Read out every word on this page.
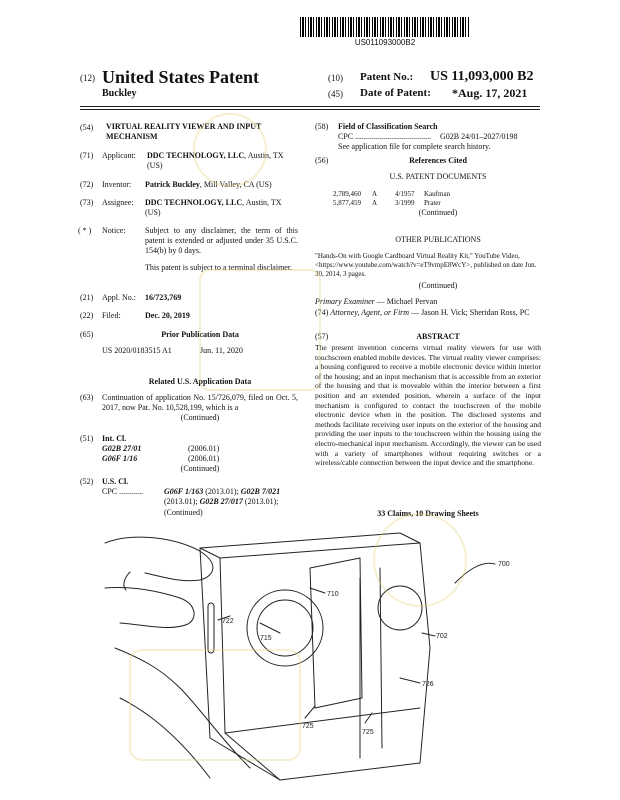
US011093000B2
(12) United States Patent
Buckley
(10) Patent No.: US 11,093,000 B2
(45) Date of Patent: *Aug. 17, 2021
(54) VIRTUAL REALITY VIEWER AND INPUT MECHANISM
(71) Applicant: DDC TECHNOLOGY, LLC, Austin, TX (US)
(72) Inventor: Patrick Buckley, Mill Valley, CA (US)
(73) Assignee: DDC TECHNOLOGY, LLC, Austin, TX (US)
( * ) Notice: Subject to any disclaimer, the term of this patent is extended or adjusted under 35 U.S.C. 154(b) by 0 days.
This patent is subject to a terminal disclaimer.
(21) Appl. No.: 16/723,769
(22) Filed:	Dec. 20, 2019
(65)	Prior Publication Data
US 2020/0183515 A1	Jun. 11, 2020
Related U.S. Application Data
(63) Continuation of application No. 15/726,079, filed on Oct. 5, 2017, now Pat. No. 10,528,199, which is a
(Continued)
(51) Int. Cl.
G02B 27/01	(2006.01)
G06F 1/16	(2006.01)
(Continued)
(52) U.S. Cl.
CPC ............	G06F 1/163 (2013.01); G02B 7/021
(2013.01); G02B 27/017 (2013.01);
(Continued)
(58) Field of Classification Search
CPC ...................................... G02B 24/01–2027/0198
See application file for complete search history.
(56)	References Cited
U.S. PATENT DOCUMENTS
2,789,460 A	4/1957 Kaufman
5,877,459 A	3/1999 Prater
(Continued)
OTHER PUBLICATIONS
"Hands-On with Google Cardboard Virtual Reality Kit," YouTube Video, <https://www.youtube.com/watch?v=eT9vmpE8WcY>, published on date Jun. 30, 2014, 3 pages.
(Continued)
Primary Examiner — Michael Pervan
(74) Attorney, Agent, or Firm — Jason H. Vick; Sheridan Ross, PC
(57)	ABSTRACT
The present invention concerns virtual reality viewers for use with touchscreen enabled mobile devices. The virtual reality viewer comprises: a housing configured to receive a mobile electronic device within interior of the housing; and an input mechanism that is accessible from an exterior of the housing and that is moveable within the interior between a first position and an extended position, wherein a surface of the input mechanism is configured to contact the touchscreen of the mobile electronic device when in the position. The disclosed systems and methods facilitate receiving user inputs on the exterior of the housing and providing the user inputs to the touchscreen within the housing using the electro-mechanical input mechanism. Accordingly, the viewer can be used with a variety of smartphones without requiring switches or a wireless/cable connection between the input device and the smartphone.
33 Claims, 10 Drawing Sheets
700
710
722
715	702
726
725
725
